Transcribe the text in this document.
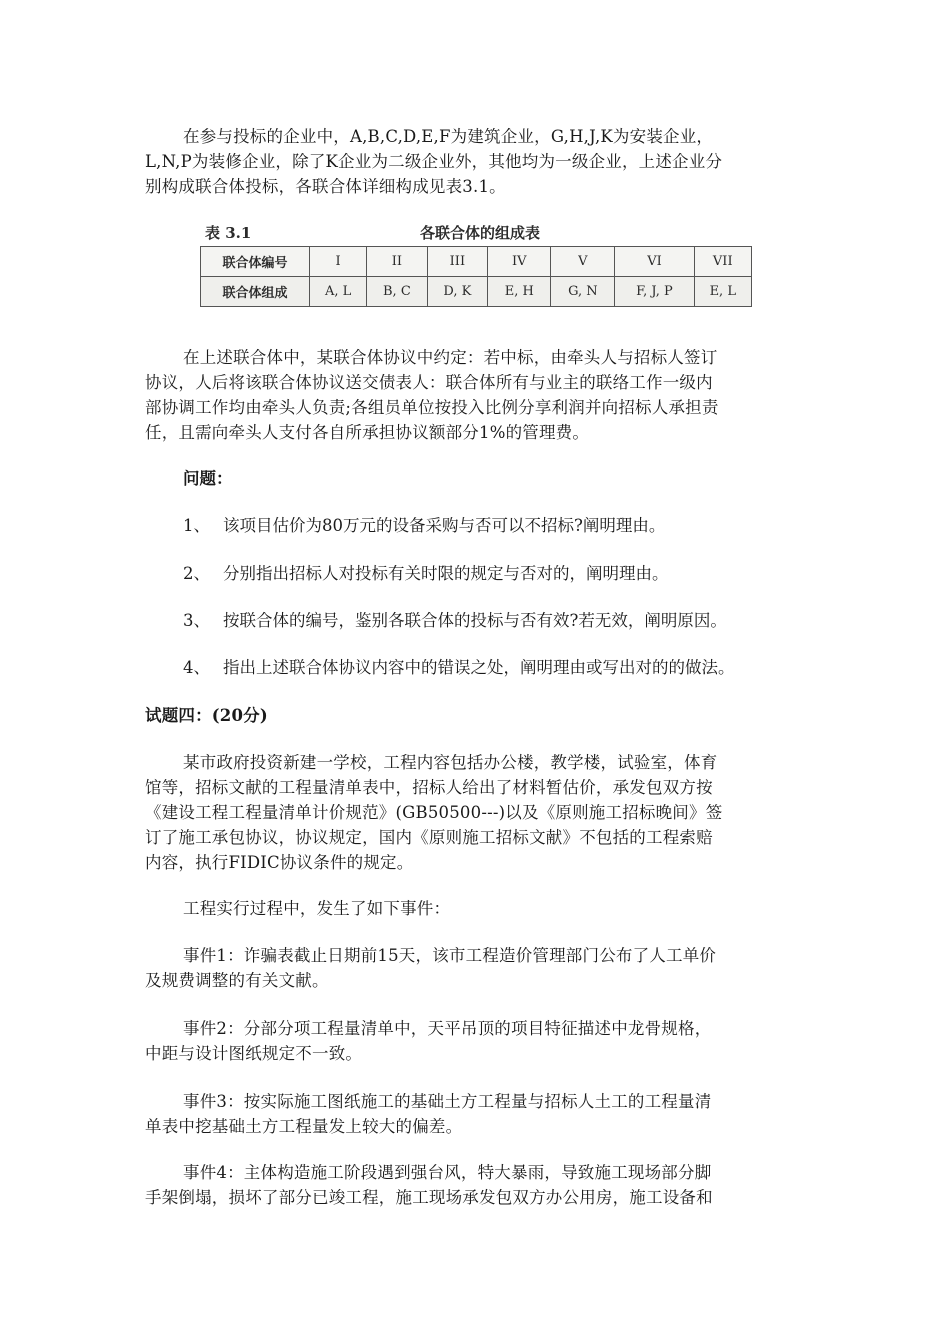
在参与投标的企业中，A,B,C,D,E,F为建筑企业，G,H,J,K为安装企业，
L,N,P为装修企业，除了K企业为二级企业外，其他均为一级企业，上述企业分
别构成联合体投标，各联合体详细构成见表3.1。
表 3.1	各联合体的组成表
联合体编号	I	II	III	IV	V	VI	VII
联合体组成	A, L	B, C	D, K	E, H	G, N	F, J, P	E, L
在上述联合体中，某联合体协议中约定：若中标，由牵头人与招标人签订
协议，人后将该联合体协议送交债表人：联合体所有与业主的联络工作一级内
部协调工作均由牵头人负责;各组员单位按投入比例分享利润并向招标人承担责
任，且需向牵头人支付各自所承担协议额部分1%的管理费。
问题：
1、 该项目估价为80万元的设备采购与否可以不招标?阐明理由。
2、 分别指出招标人对投标有关时限的规定与否对的，阐明理由。
3、 按联合体的编号，鉴别各联合体的投标与否有效?若无效，阐明原因。
4、 指出上述联合体协议内容中的错误之处，阐明理由或写出对的的做法。
试题四：(20分)
某市政府投资新建一学校，工程内容包括办公楼，教学楼，试验室，体育
馆等，招标文献的工程量清单表中，招标人给出了材料暂估价，承发包双方按
《建设工程工程量清单计价规范》(GB50500---)以及《原则施工招标晚间》签
订了施工承包协议，协议规定，国内《原则施工招标文献》不包括的工程索赔
内容，执行FIDIC协议条件的规定。
工程实行过程中，发生了如下事件：
事件1：诈骗表截止日期前15天，该市工程造价管理部门公布了人工单价
及规费调整的有关文献。
事件2：分部分项工程量清单中，天平吊顶的项目特征描述中龙骨规格，
中距与设计图纸规定不一致。
事件3：按实际施工图纸施工的基础土方工程量与招标人土工的工程量清
单表中挖基础土方工程量发上较大的偏差。
事件4：主体构造施工阶段遇到强台风，特大暴雨，导致施工现场部分脚
手架倒塌，损坏了部分已竣工程，施工现场承发包双方办公用房，施工设备和
